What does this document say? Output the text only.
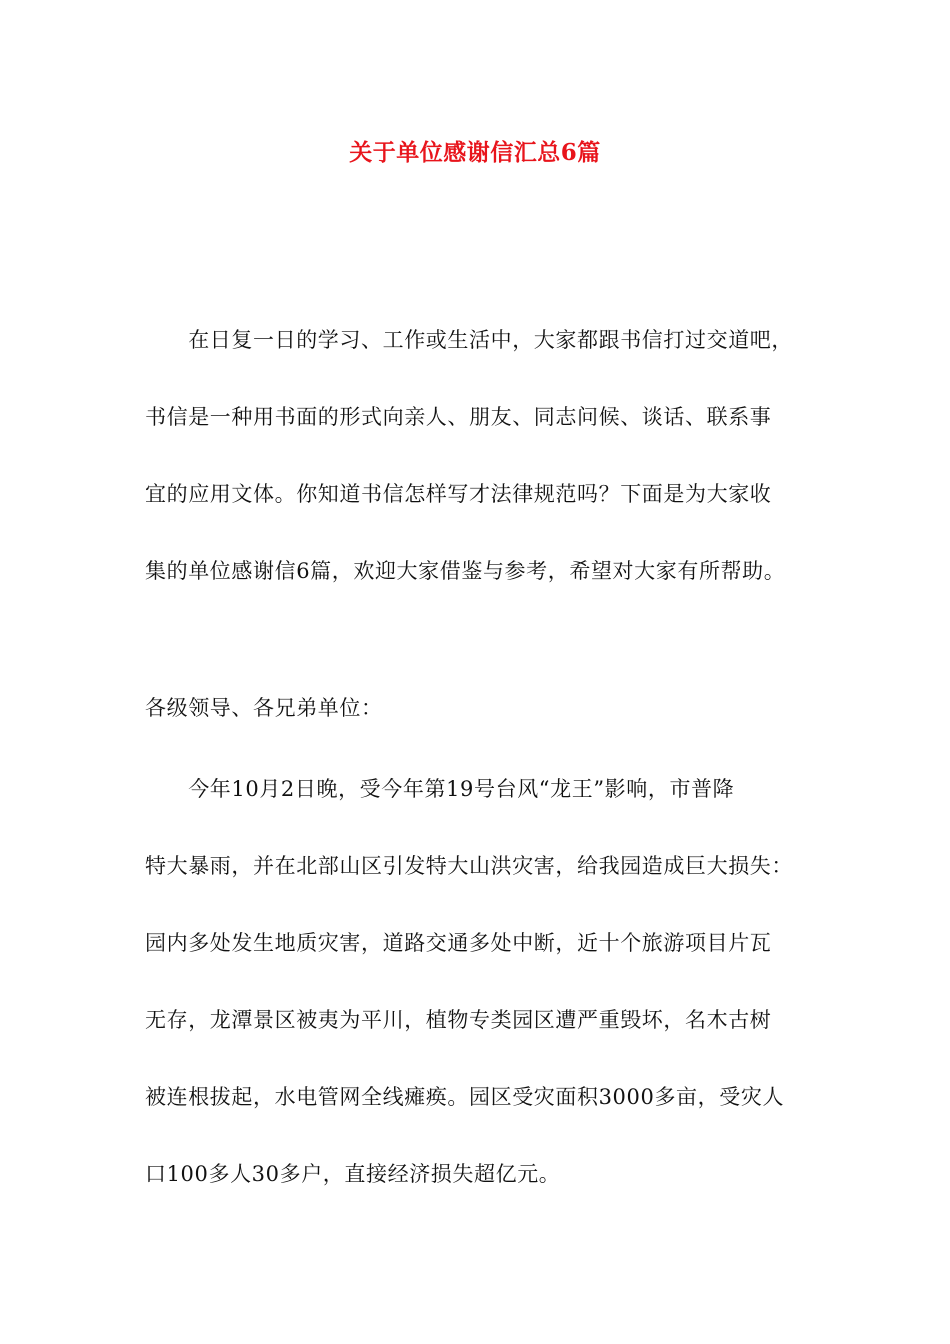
关于单位感谢信汇总6篇
　　在日复一日的学习、工作或生活中，大家都跟书信打过交道吧，
书信是一种用书面的形式向亲人、朋友、同志问候、谈话、联系事
宜的应用文体。你知道书信怎样写才法律规范吗？下面是为大家收
集的单位感谢信6篇，欢迎大家借鉴与参考，希望对大家有所帮助。
各级领导、各兄弟单位：
　　今年10月2日晚，受今年第19号台风“龙王”影响，市普降
特大暴雨，并在北部山区引发特大山洪灾害，给我园造成巨大损失：
园内多处发生地质灾害，道路交通多处中断，近十个旅游项目片瓦
无存，龙潭景区被夷为平川，植物专类园区遭严重毁坏，名木古树
被连根拔起，水电管网全线瘫痪。园区受灾面积3000多亩，受灾人
口100多人30多户，直接经济损失超亿元。
